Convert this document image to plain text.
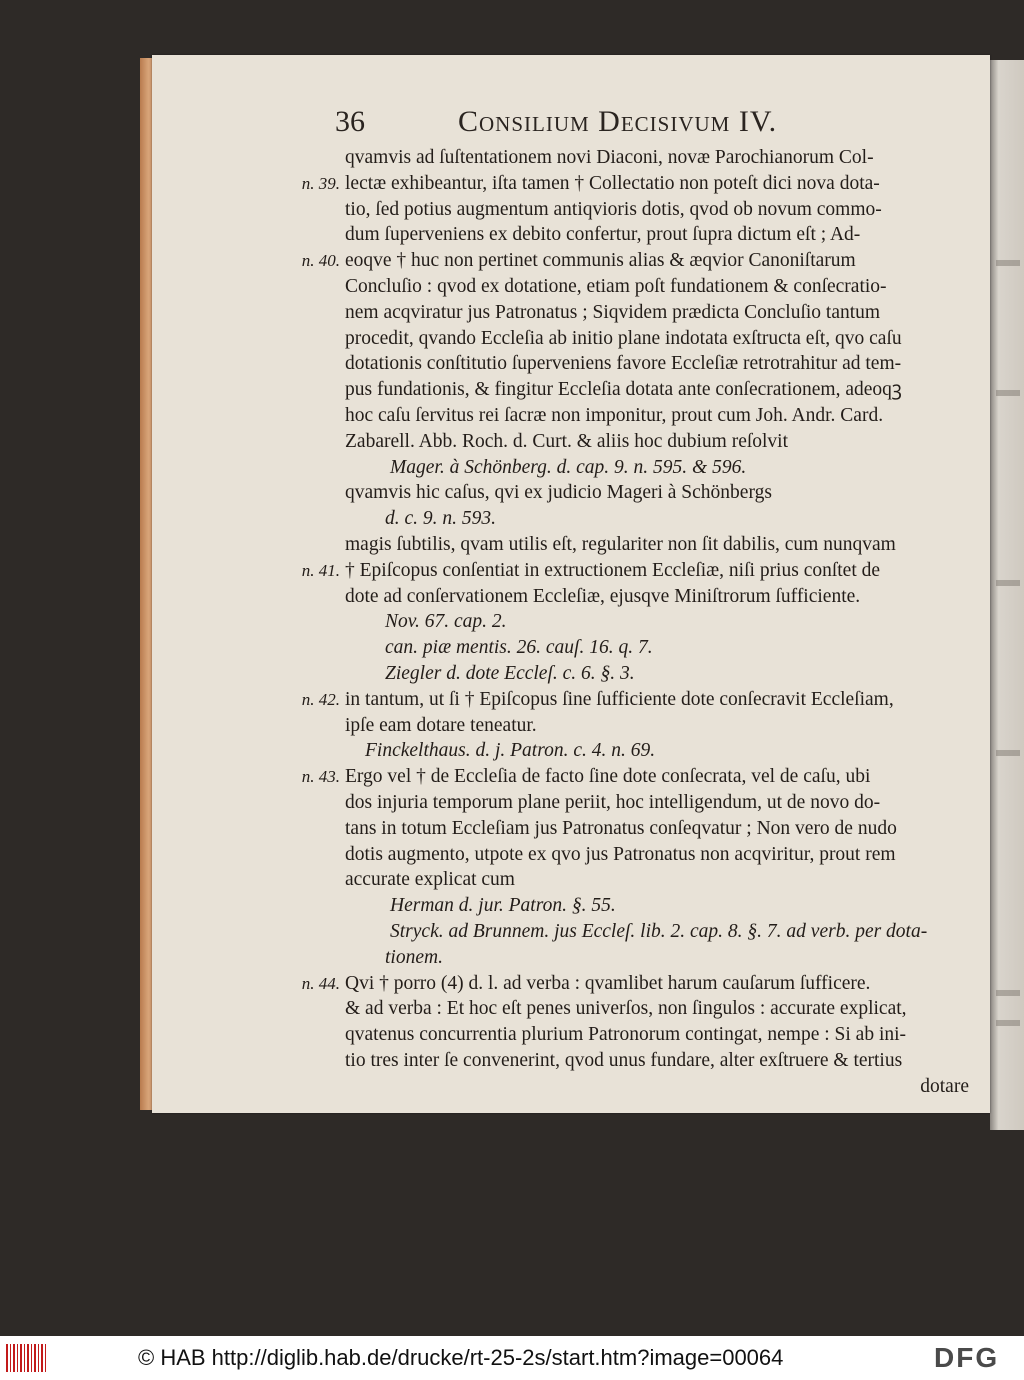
36	Consilium Decisivum IV.
qvamvis ad ſuſtentationem novi Diaconi, novæ Parochianorum Col-
n. 39. lectæ exhibeantur, iſta tamen † Collectatio non poteſt dici nova dota-
tio, ſed potius augmentum antiqvioris dotis, qvod ob novum commo-
dum ſuperveniens ex debito confertur, prout ſupra dictum eſt ; Ad-
n. 40. eoqve † huc non pertinet communis alias & æqvior Canoniſtarum
Concluſio : qvod ex dotatione, etiam poſt fundationem & conſecratio-
nem acqviratur jus Patronatus ; Siqvidem prædicta Concluſio tantum
procedit, qvando Eccleſia ab initio plane indotata exſtructa eſt, qvo caſu
dotationis conſtitutio ſuperveniens favore Eccleſiæ retrotrahitur ad tem-
pus fundationis, & fingitur Eccleſia dotata ante conſecrationem, adeoqꝫ
hoc caſu ſervitus rei ſacræ non imponitur, prout cum Joh. Andr. Card.
Zabarell. Abb. Roch. d. Curt. & aliis hoc dubium reſolvit
Mager. à Schönberg. d. cap. 9. n. 595. & 596.
qvamvis hic caſus, qvi ex judicio Mageri à Schönbergs
d. c. 9. n. 593.
magis ſubtilis, qvam utilis eſt, regulariter non ſit dabilis, cum nunqvam
n. 41. † Epiſcopus conſentiat in extructionem Eccleſiæ, niſi prius conſtet de
dote ad conſervationem Eccleſiæ, ejusqve Miniſtrorum ſufficiente.
Nov. 67. cap. 2.
can. piæ mentis. 26. cauſ. 16. q. 7.
Ziegler d. dote Eccleſ. c. 6. §. 3.
n. 42. in tantum, ut ſi † Epiſcopus ſine ſufficiente dote conſecravit Eccleſiam,
ipſe eam dotare teneatur.
Finckelthaus. d. j. Patron. c. 4. n. 69.
n. 43. Ergo vel † de Eccleſia de facto ſine dote conſecrata, vel de caſu, ubi
dos injuria temporum plane periit, hoc intelligendum, ut de novo do-
tans in totum Eccleſiam jus Patronatus conſeqvatur ; Non vero de nudo
dotis augmento, utpote ex qvo jus Patronatus non acqviritur, prout rem
accurate explicat cum
Herman d. jur. Patron. §. 55.
Stryck. ad Brunnem. jus Eccleſ. lib. 2. cap. 8. §. 7. ad verb. per dota-
tionem.
n. 44. Qvi † porro (4) d. l. ad verba : qvamlibet harum cauſarum ſufficere.
& ad verba : Et hoc eſt penes univerſos, non ſingulos : accurate explicat,
qvatenus concurrentia plurium Patronorum contingat, nempe : Si ab ini-
tio tres inter ſe convenerint, qvod unus fundare, alter exſtruere & tertius
dotare
© HAB http://diglib.hab.de/drucke/rt-25-2s/start.htm?image=00064	DFG
